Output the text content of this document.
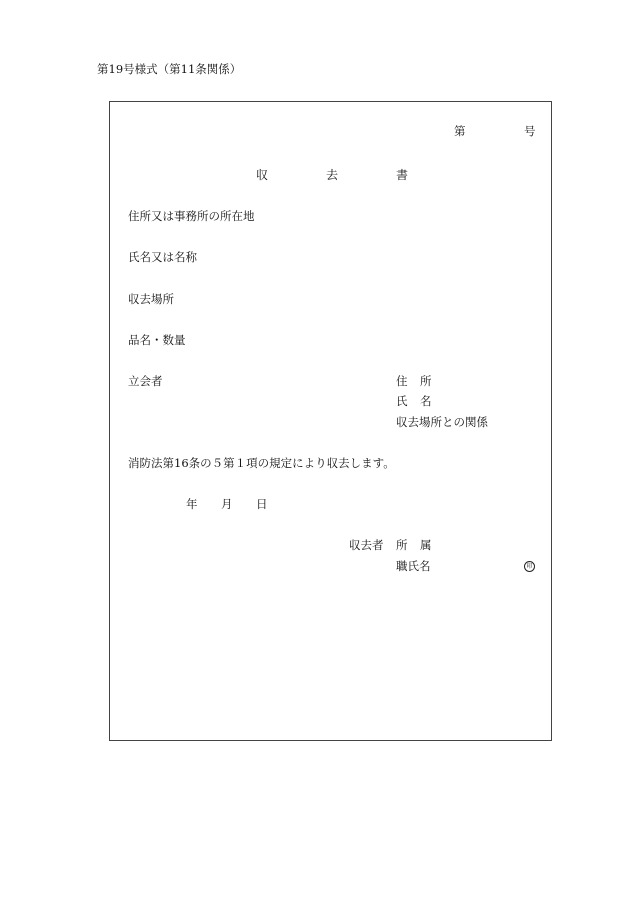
第19号様式（第11条関係）
第	号
収	去	書
住所又は事務所の所在地
氏名又は名称
収去場所
品名・数量
立会者	住 所
氏 名
収去場所との関係
消防法第16条の５第１項の規定により収去します。
年 月 日
収去者 所 属
職氏名	印
